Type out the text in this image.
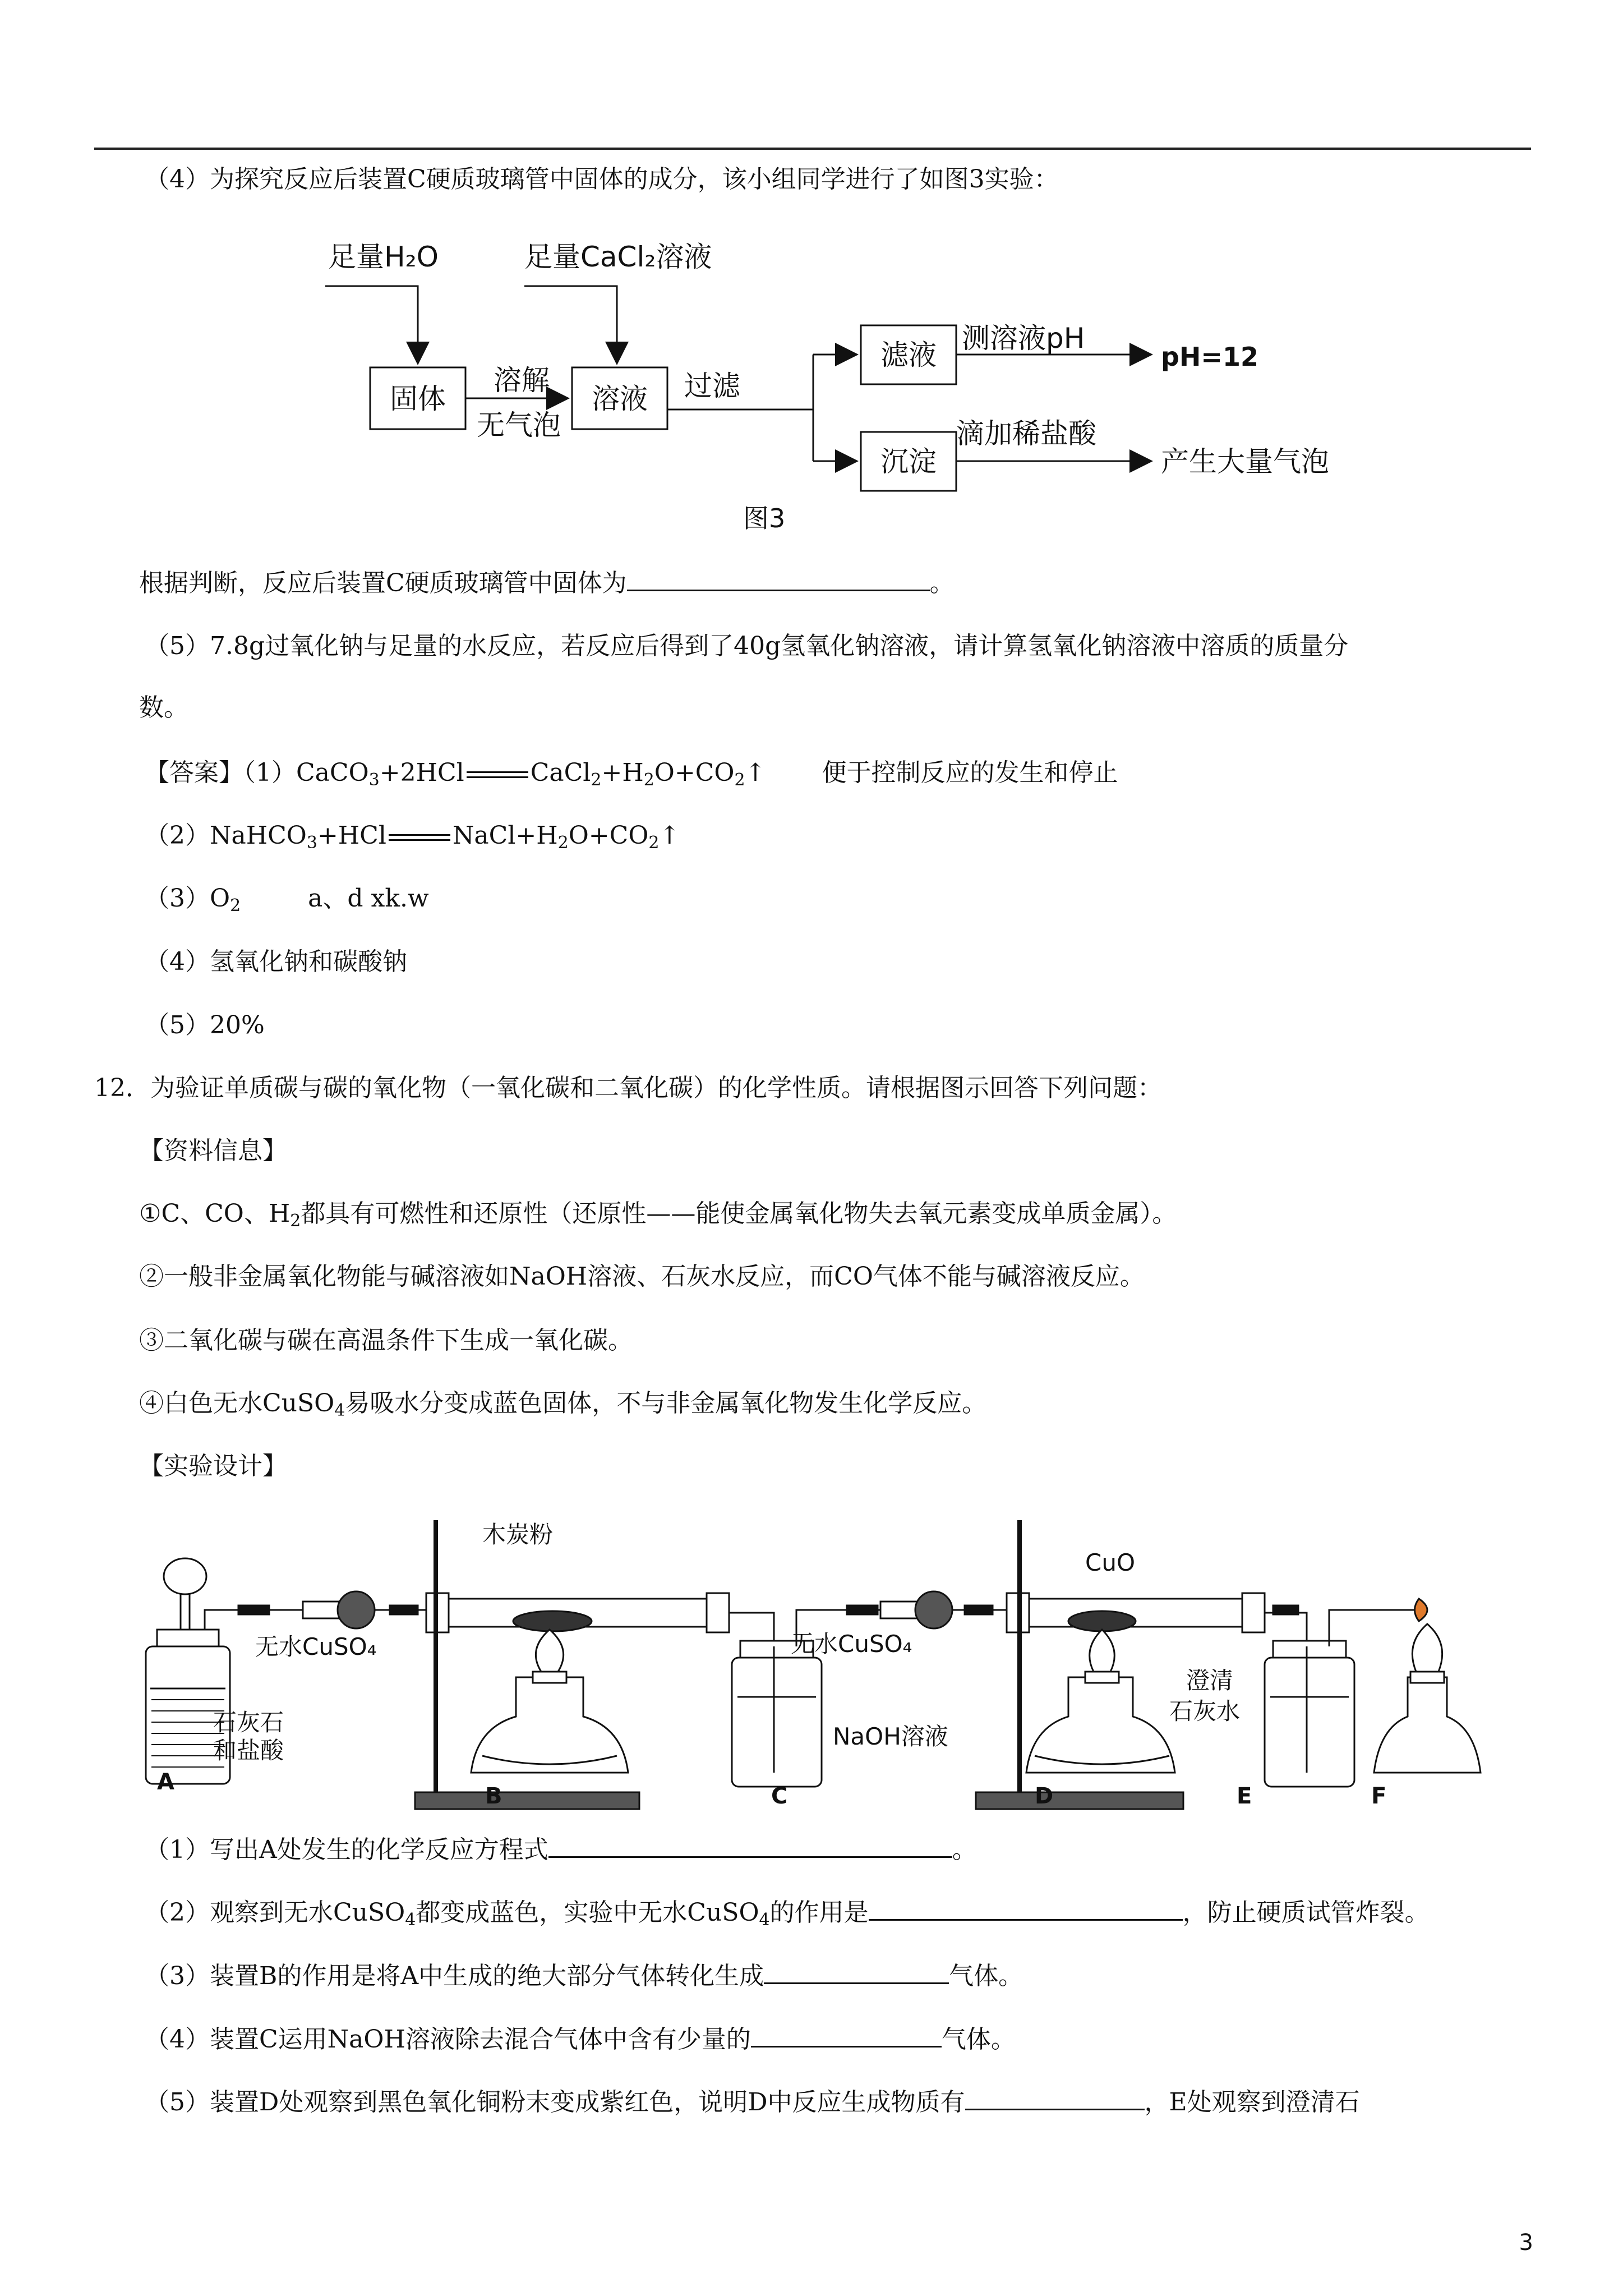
（4）为探究反应后装置C硬质玻璃管中固体的成分，该小组同学进行了如图3实验：
足量H₂O	足量CaCl₂溶液
固体	溶液
滤液
沉淀
溶解
无气泡
过滤
测溶液pH
pH=12
滴加稀盐酸
产生大量气泡
图3
根据判断，反应后装置C硬质玻璃管中固体为	。
（5）7.8g过氧化钠与足量的水反应，若反应后得到了40g氢氧化钠溶液，请计算氢氧化钠溶液中溶质的质量分
数。
【答案】（1）CaCO$_3$+2HCl	$CaCl_2+H_2O+CO_2↑$ 便于控制反应的发生和停止
（2）NaHCO$_3$+HCl	$NaCl+H_2O+CO_2↑$
$(3)O_2$	a、d xk.w
（4）氢氧化钠和碳酸钠
（5）20%
12．为验证单质碳与碳的氧化物（一氧化碳和二氧化碳）的化学性质。请根据图示回答下列问题：
【资料信息】
①C、CO、$H_2$都具有可燃性和还原性（还原性——能使金属氧化物失去氧元素变成单质金属）。
②一般非金属氧化物能与碱溶液如NaOH溶液、石灰水反应，而CO气体不能与碱溶液反应。
③二氧化碳与碳在高温条件下生成一氧化碳。
④白色无水CuSO$_4$易吸水分变成蓝色固体，不与非金属氧化物发生化学反应。
【实验设计】
木炭粉
无水CuSO₄
石灰石
和盐酸
NaOH溶液
无水CuSO₄
CuO
澄清
石灰水
A
B	C	D	E	F
（1）写出A处发生的化学反应方程式	。
（2）观察到无水CuSO$_4$都变成蓝色，实验中无水CuSO$_4$的作用是	，防止硬质试管炸裂。
（3）装置B的作用是将A中生成的绝大部分气体转化生成	气体。
（4）装置C运用NaOH溶液除去混合气体中含有少量的	气体。
（5）装置D处观察到黑色氧化铜粉末变成紫红色，说明D中反应生成物质有	，E处观察到澄清石
3
